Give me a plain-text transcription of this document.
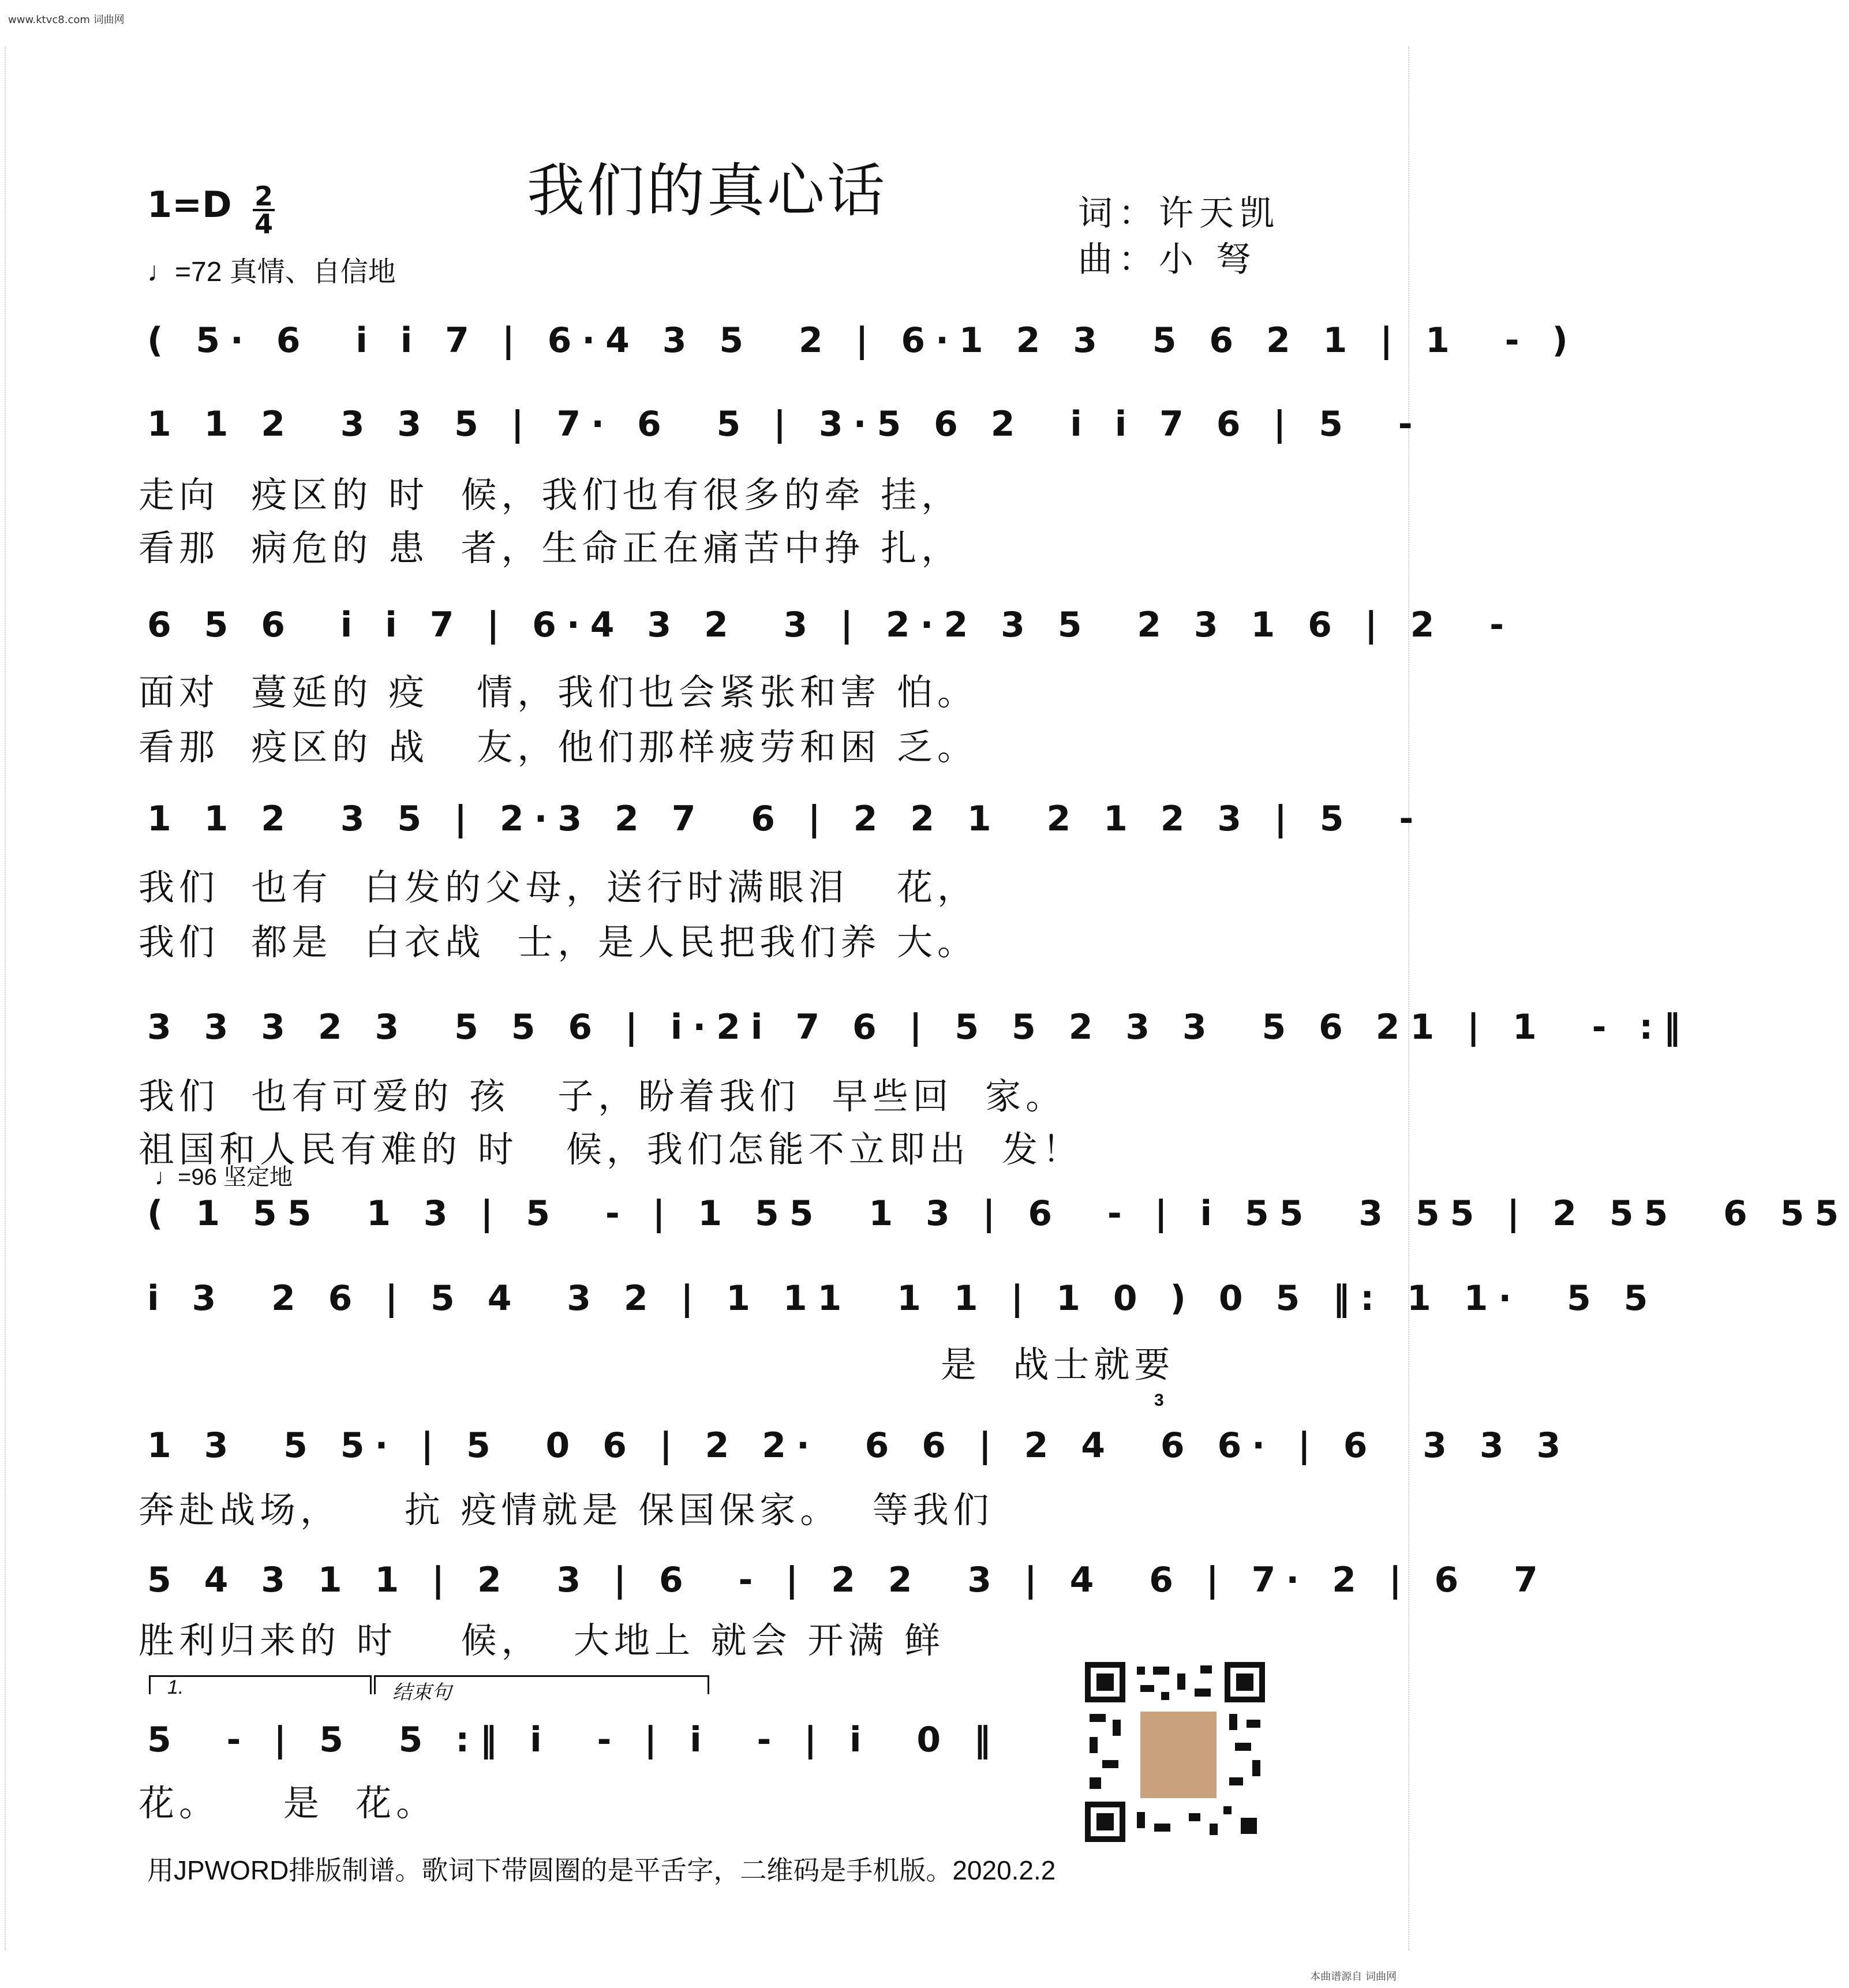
www.ktvc8.com 词曲网
我们的真心话
1=D 2
4
♩=72 真情、自信地
词：许天凯
曲：小 弩
( 5· 6  i i 7 | 6·4 3 5  2 | 6·1 2 3  5 6 2 1 | 1  - )
1 1 2  3 3 5 | 7· 6  5 | 3·5 6 2  i i 7 6 | 5  -
走向  疫区的 时  候，我们也有很多的牵 挂，
看那  病危的 患  者，生命正在痛苦中挣 扎，
6 5 6  i i 7 | 6·4 3 2  3 | 2·2 3 5  2 3 1 6 | 2  -
面对  蔓延的 疫   情，我们也会紧张和害 怕。
看那  疫区的 战   友，他们那样疲劳和困 乏。
1 1 2  3 5 | 2·3 2 7  6 | 2 2 1  2 1 2 3 | 5  -
我们  也有  白发的父母，送行时满眼泪   花，
我们  都是  白衣战  士，是人民把我们养 大。
3 3 3 2 3  5 5 6 | i·2i 7 6 | 5 5 2 3 3  5 6 21 | 1  - :‖
我们  也有可爱的 孩   子，盼着我们  早些回  家。
祖国和人民有难的 时   候，我们怎能不立即出  发！
♩=96 坚定地
( 1 55  1 3 | 5  - | 1 55  1 3 | 6  - | i 55  3 55 | 2 55  6 55
i 3  2 6 | 5 4  3 2 | 1 11  1 1 | 1 0 ) 0 5 ‖: 1 1·  5 5
是  战士就要
3
1 3  5 5· | 5  0 6 | 2 2·  6 6 | 2 4  6 6· | 6  3 3 3
奔赴战场，    抗 疫情就是 保国保家。  等我们
5 4 3 1 1 | 2  3 | 6  - | 2 2  3 | 4  6 | 7· 2 | 6  7
胜利归来的 时    候，  大地上 就会 开满 鲜
1.	结束句
5  - | 5  5 :‖ i  - | i  - | i  0 ‖
花。    是  花。
用JPWORD排版制谱。歌词下带圆圈的是平舌字，二维码是手机版。2020.2.2
本曲谱源自 词曲网
